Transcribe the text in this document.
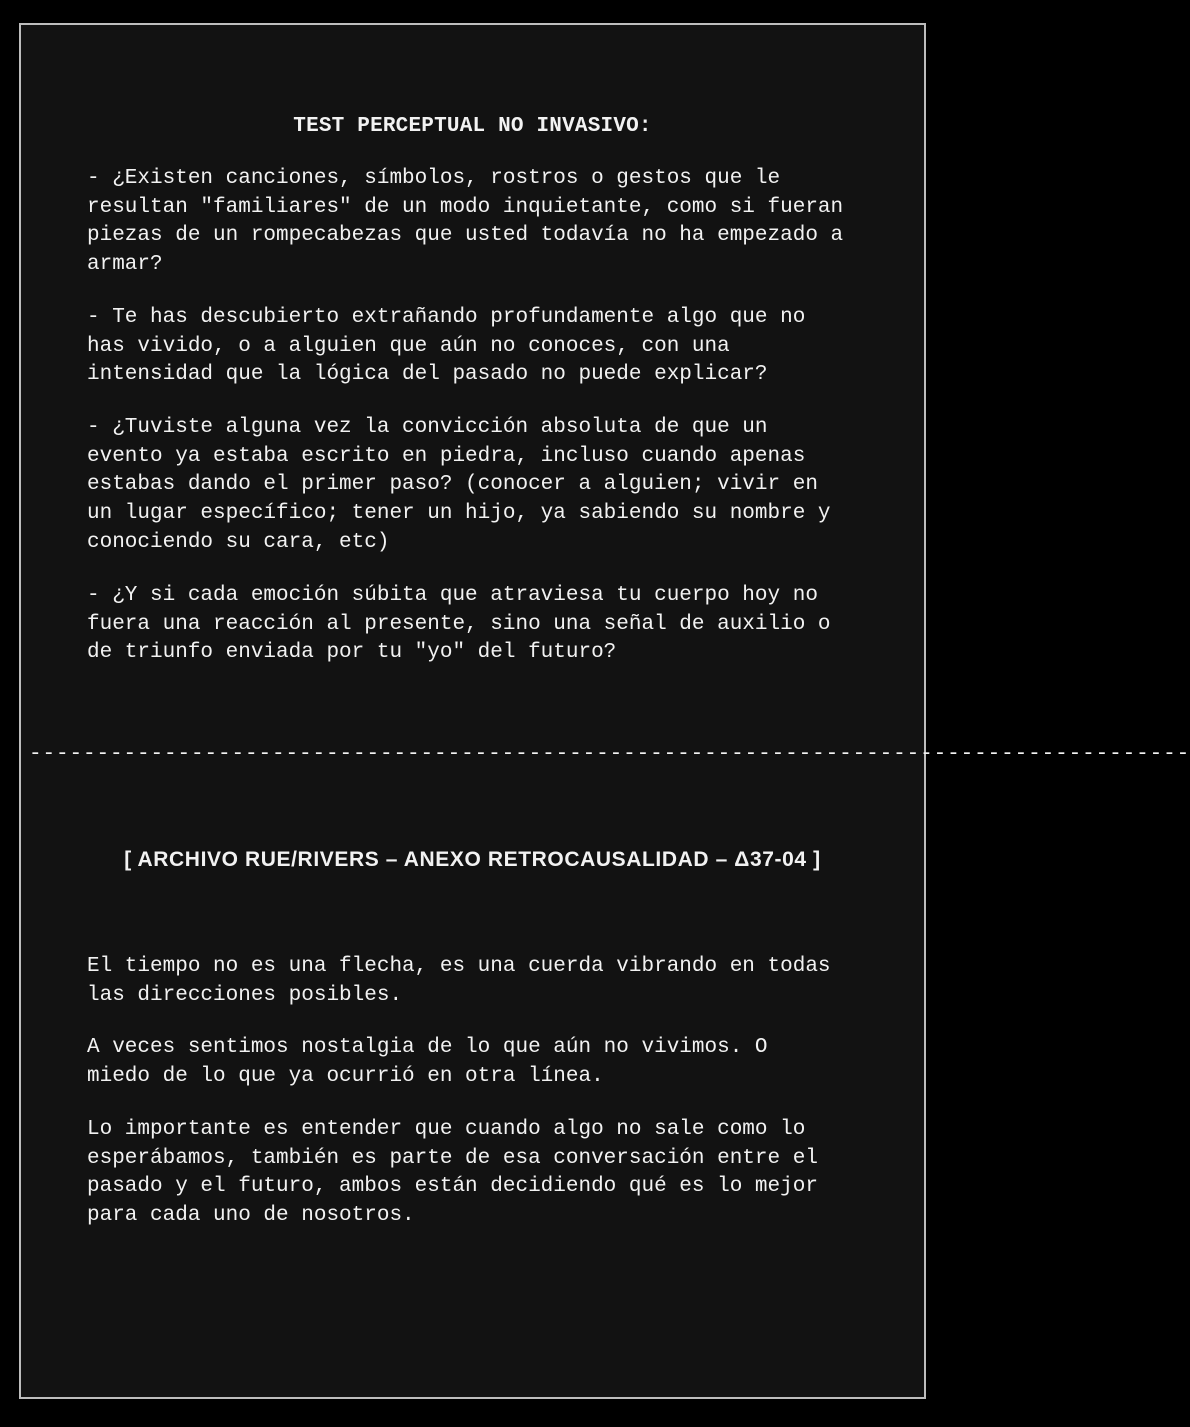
TEST PERCEPTUAL NO INVASIVO:

- ¿Existen canciones, símbolos, rostros o gestos que le
resultan "familiares" de un modo inquietante, como si fueran
piezas de un rompecabezas que usted todavía no ha empezado a
armar?

- Te has descubierto extrañando profundamente algo que no
has vivido, o a alguien que aún no conoces, con una
intensidad que la lógica del pasado no puede explicar?

- ¿Tuviste alguna vez la convicción absoluta de que un
evento ya estaba escrito en piedra, incluso cuando apenas
estabas dando el primer paso? (conocer a alguien; vivir en
un lugar específico; tener un hijo, ya sabiendo su nombre y
conociendo su cara, etc)

- ¿Y si cada emoción súbita que atraviesa tu cuerpo hoy no
fuera una reacción al presente, sino una señal de auxilio o
de triunfo enviada por tu "yo" del futuro?

--------------------------------------------------------------------------------------
[ ARCHIVO RUE/RIVERS – ANEXO RETROCAUSALIDAD – Δ37-04 ]

El tiempo no es una flecha, es una cuerda vibrando en todas
las direcciones posibles.

A veces sentimos nostalgia de lo que aún no vivimos. O
miedo de lo que ya ocurrió en otra línea.

Lo importante es entender que cuando algo no sale como lo
esperábamos, también es parte de esa conversación entre el
pasado y el futuro, ambos están decidiendo qué es lo mejor
para cada uno de nosotros.
